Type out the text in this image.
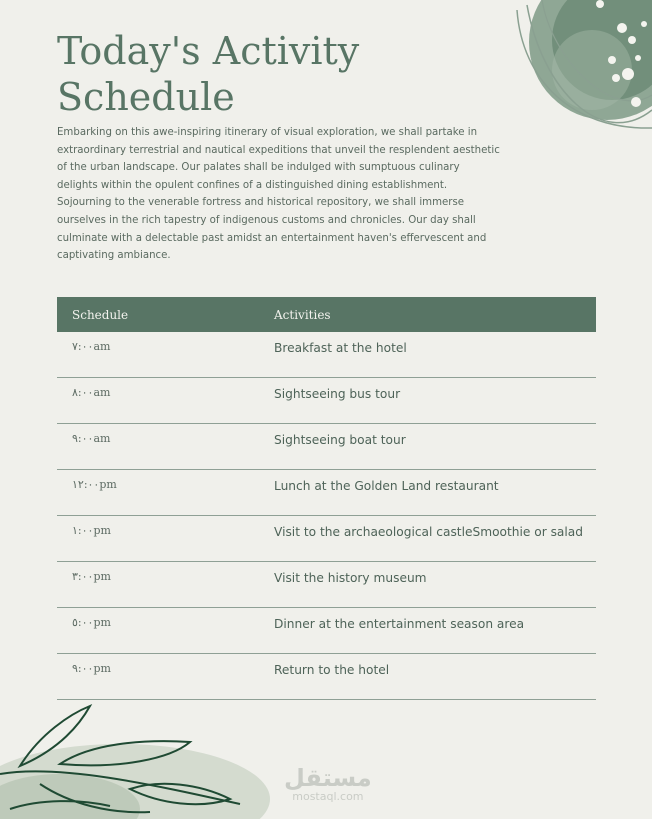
Today's Activity Schedule

Embarking on this awe-inspiring itinerary of visual exploration, we shall partake in extraordinary terrestrial and nautical expeditions that unveil the resplendent aesthetic of the urban landscape. Our palates shall be indulged with sumptuous culinary delights within the opulent confines of a distinguished dining establishment. Sojourning to the venerable fortress and historical repository, we shall immerse ourselves in the rich tapestry of indigenous customs and chronicles. Our day shall culminate with a delectable past amidst an entertainment haven's effervescent and captivating ambiance.

Schedule	Activities
٧:٠٠am	Breakfast at the hotel
٨:٠٠am	Sightseeing bus tour
٩:٠٠am	Sightseeing boat tour
١٢:٠٠pm	Lunch at the Golden Land restaurant
١:٠٠pm	Visit to the archaeological castleSmoothie or salad
٣:٠٠pm	Visit the history museum
٥:٠٠pm	Dinner at the entertainment season area
٩:٠٠pm	Return to the hotel
مستقل
mostaql.com
